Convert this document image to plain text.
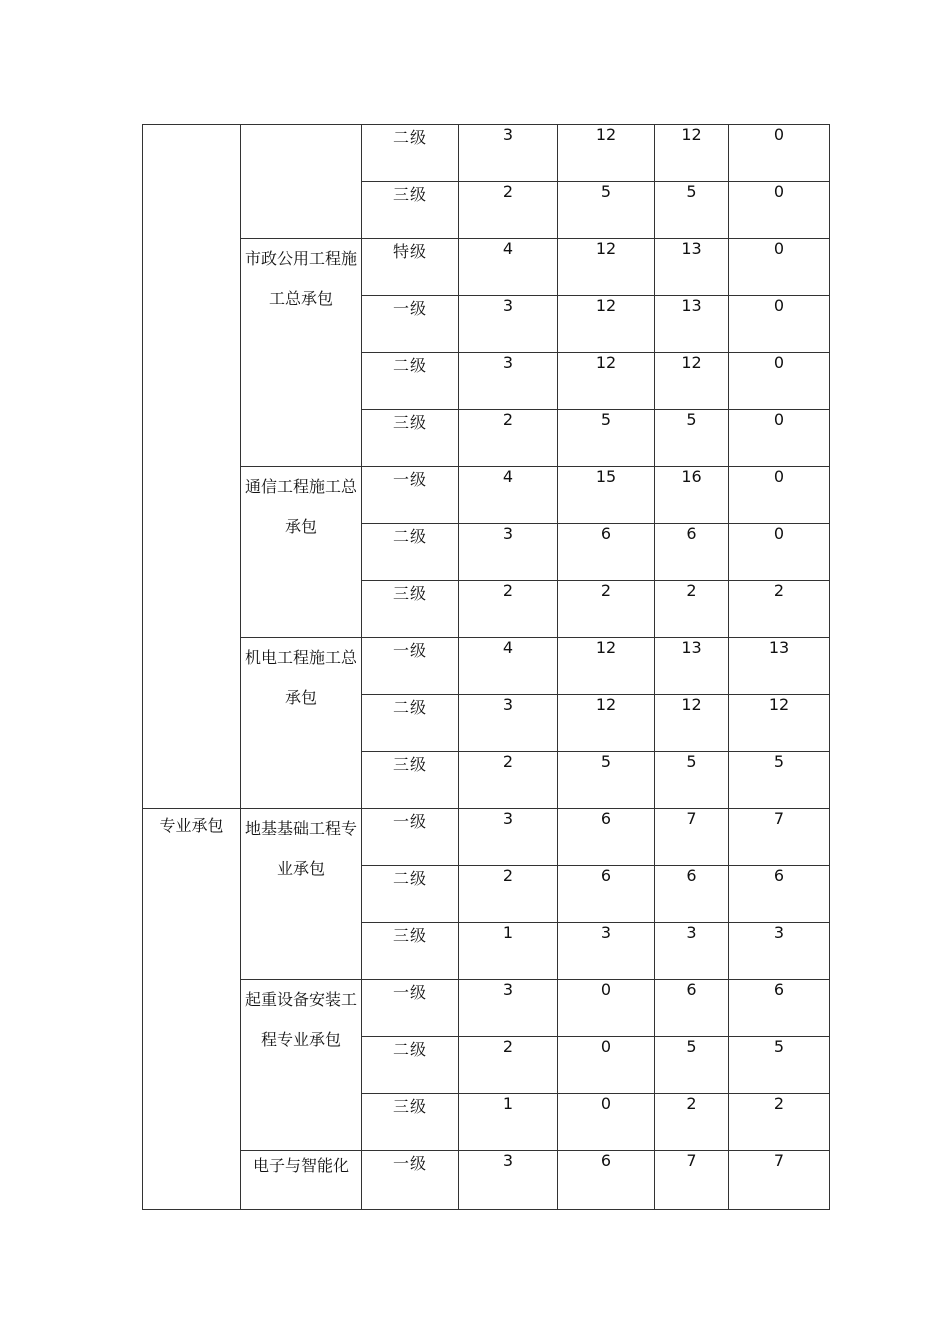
		二级	3	12	12	0
		三级	2	5	5	0
	市政公用工程施工总承包	特级	4	12	13	0
		一级	3	12	13	0
		二级	3	12	12	0
		三级	2	5	5	0
	通信工程施工总承包	一级	4	15	16	0
		二级	3	6	6	0
		三级	2	2	2	2
	机电工程施工总承包	一级	4	12	13	13
		二级	3	12	12	12
		三级	2	5	5	5
专业承包	地基基础工程专业承包	一级	3	6	7	7
		二级	2	6	6	6
		三级	1	3	3	3
	起重设备安装工程专业承包	一级	3	0	6	6
		二级	2	0	5	5
		三级	1	0	2	2
	电子与智能化	一级	3	6	7	7
